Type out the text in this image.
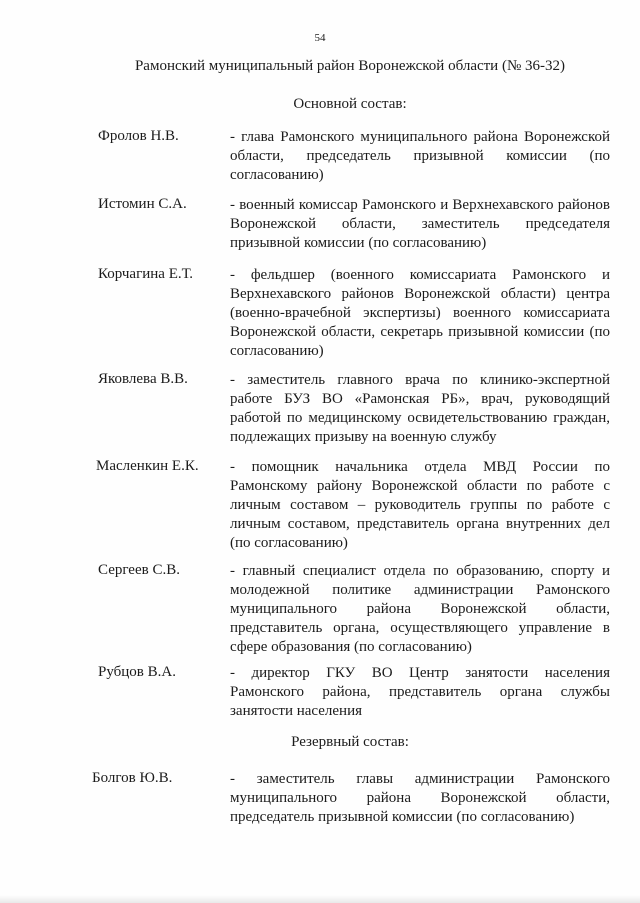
54
Рамонский муниципальный район Воронежской области (№ 36-32)
Основной состав:
Фролов Н.В.	- глава Рамонского муниципального района Воронежской области, председатель призывной комиссии (по согласованию)
Истомин С.А.	- военный комиссар Рамонского и Верхнехавского районов Воронежской области, заместитель председателя призывной комиссии (по согласованию)
Корчагина Е.Т. - фельдшер (военного комиссариата Рамонского и Верхнехавского районов Воронежской области) центра (военно-врачебной экспертизы) военного комиссариата Воронежской области, секретарь призывной комиссии (по согласованию)
Яковлева В.В.	- заместитель главного врача по клинико-экспертной работе БУЗ ВО «Рамонская РБ», врач, руководящий работой по медицинскому освидетельствованию граждан, подлежащих призыву на военную службу
Масленкин Е.К. - помощник начальника отдела МВД России по Рамонскому району Воронежской области по работе с личным составом – руководитель группы по работе с личным составом, представитель органа внутренних дел (по согласованию)
Сергеев С.В.	- главный специалист отдела по образованию, спорту и молодежной политике администрации Рамонского муниципального района Воронежской области, представитель органа, осуществляющего управление в сфере образования (по согласованию)
Рубцов В.А.	- директор ГКУ ВО Центр занятости населения Рамонского района, представитель органа службы занятости населения
Резервный состав:
Болгов Ю.В.	- заместитель главы администрации Рамонского муниципального района Воронежской области, председатель призывной комиссии (по согласованию)
